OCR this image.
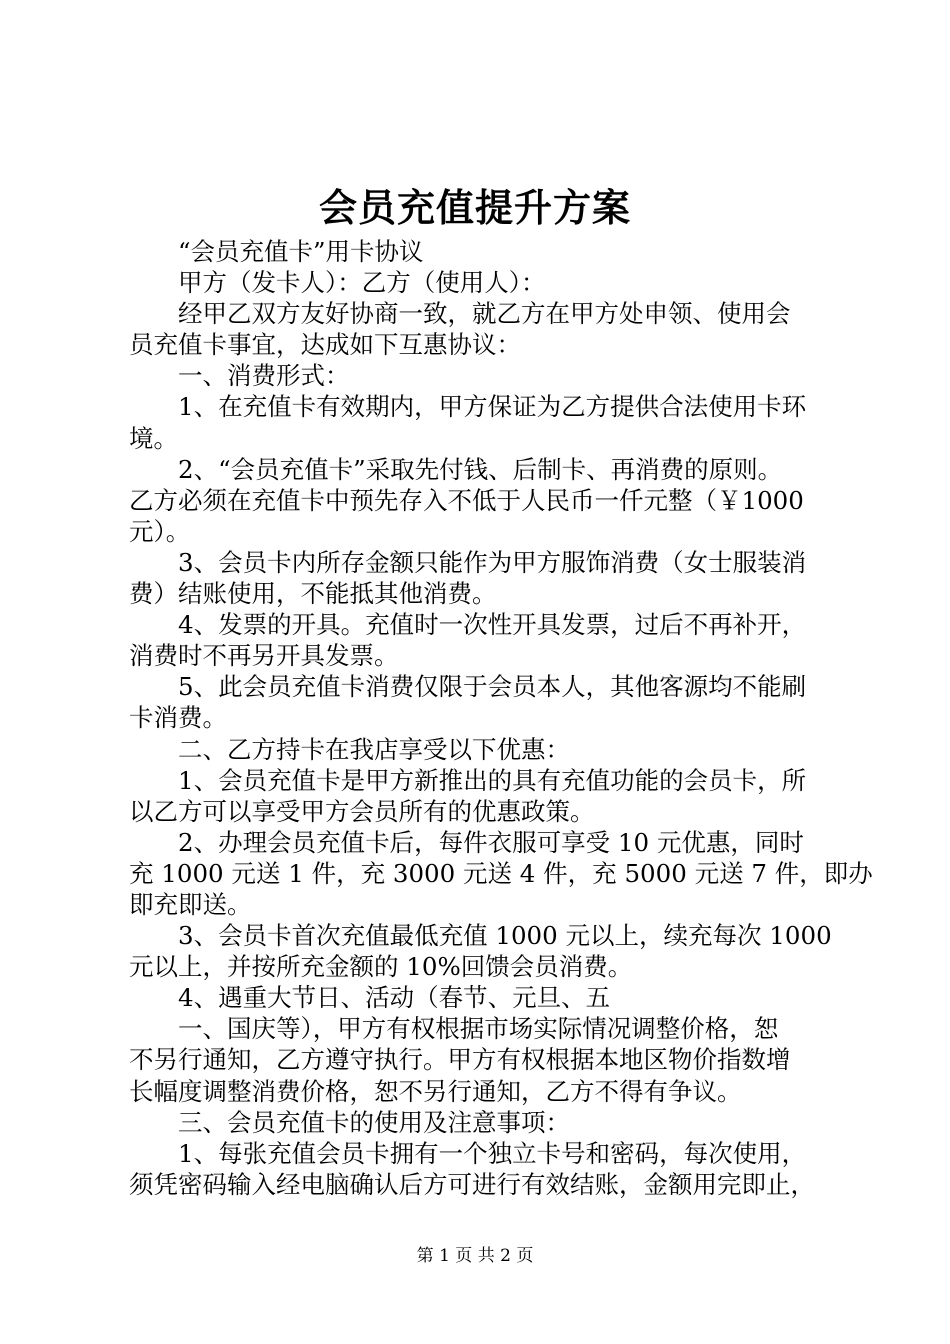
会员充值提升方案

“会员充值卡”用卡协议

甲方（发卡人）：乙方（使用人）：

经甲乙双方友好协商一致，就乙方在甲方处申领、使用会

员充值卡事宜，达成如下互惠协议：

一、消费形式：

1、在充值卡有效期内，甲方保证为乙方提供合法使用卡环

境。

2、“会员充值卡”采取先付钱、后制卡、再消费的原则。

乙方必须在充值卡中预先存入不低于人民币一仟元整（￥1000

元）。

3、会员卡内所存金额只能作为甲方服饰消费（女士服装消

费）结账使用，不能抵其他消费。

4、发票的开具。充值时一次性开具发票，过后不再补开，

消费时不再另开具发票。

5、此会员充值卡消费仅限于会员本人，其他客源均不能刷

卡消费。

二、乙方持卡在我店享受以下优惠：

1、会员充值卡是甲方新推出的具有充值功能的会员卡，所

以乙方可以享受甲方会员所有的优惠政策。

2、办理会员充值卡后，每件衣服可享受 10 元优惠，同时

充 1000 元送 1 件，充 3000 元送 4 件，充 5000 元送 7 件，即办

即充即送。

3、会员卡首次充值最低充值 1000 元以上，续充每次 1000

元以上，并按所充金额的 10%回馈会员消费。

4、遇重大节日、活动（春节、元旦、五

一、国庆等），甲方有权根据市场实际情况调整价格，恕

不另行通知，乙方遵守执行。甲方有权根据本地区物价指数增

长幅度调整消费价格，恕不另行通知，乙方不得有争议。

三、会员充值卡的使用及注意事项：

1、每张充值会员卡拥有一个独立卡号和密码，每次使用，

须凭密码输入经电脑确认后方可进行有效结账，金额用完即止，

第 1 页 共 2 页
